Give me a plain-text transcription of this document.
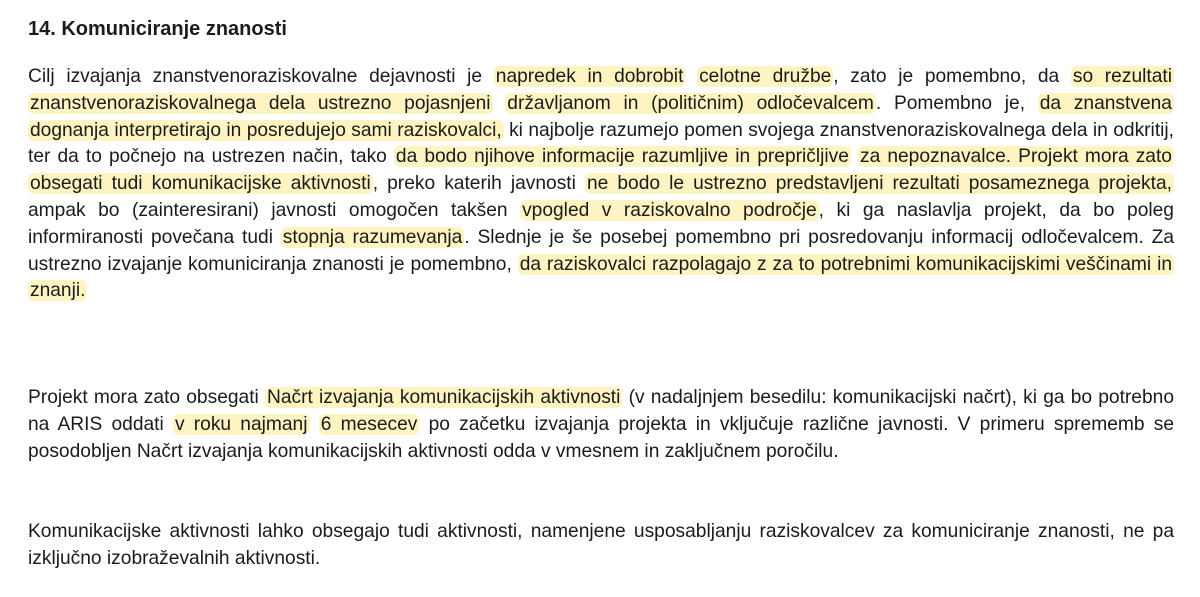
14. Komuniciranje znanosti

Cilj izvajanja znanstvenoraziskovalne dejavnosti je napredek in dobrobit celotne družbe , zato je pomembno, da so rezultati znanstvenoraziskovalnega dela ustrezno pojasnjeni državljanom in (političnim) odločevalcem . Pomembno je, da znanstvena dognanja interpretirajo in posredujejo sami raziskovalci, ki najbolje razumejo pomen svojega znanstvenoraziskovalnega dela in odkritij, ter da to počnejo na ustrezen način, tako da bodo njihove informacije razumljive in prepričljive za nepoznavalce. Projekt mora zato obsegati tudi komunikacijske aktivnosti , preko katerih javnosti ne bodo le ustrezno predstavljeni rezultati posameznega projekta, ampak bo (zainteresirani) javnosti omogočen takšen vpogled v raziskovalno področje , ki ga naslavlja projekt, da bo poleg informiranosti povečana tudi stopnja razumevanja . Slednje je še posebej pomembno pri posredovanju informacij odločevalcem. Za ustrezno izvajanje komuniciranja znanosti je pomembno, da raziskovalci razpolagajo z za to potrebnimi komunikacijskimi veščinami in znanji.

Projekt mora zato obsegati Načrt izvajanja komunikacijskih aktivnosti (v nadaljnjem besedilu: komunikacijski načrt), ki ga bo potrebno na ARIS oddati v roku najmanj 6 mesecev po začetku izvajanja projekta in vključuje različne javnosti. V primeru sprememb se posodobljen Načrt izvajanja komunikacijskih aktivnosti odda v vmesnem in zaključnem poročilu.

Komunikacijske aktivnosti lahko obsegajo tudi aktivnosti, namenjene usposabljanju raziskovalcev za komuniciranje znanosti, ne pa izključno izobraževalnih aktivnosti.
